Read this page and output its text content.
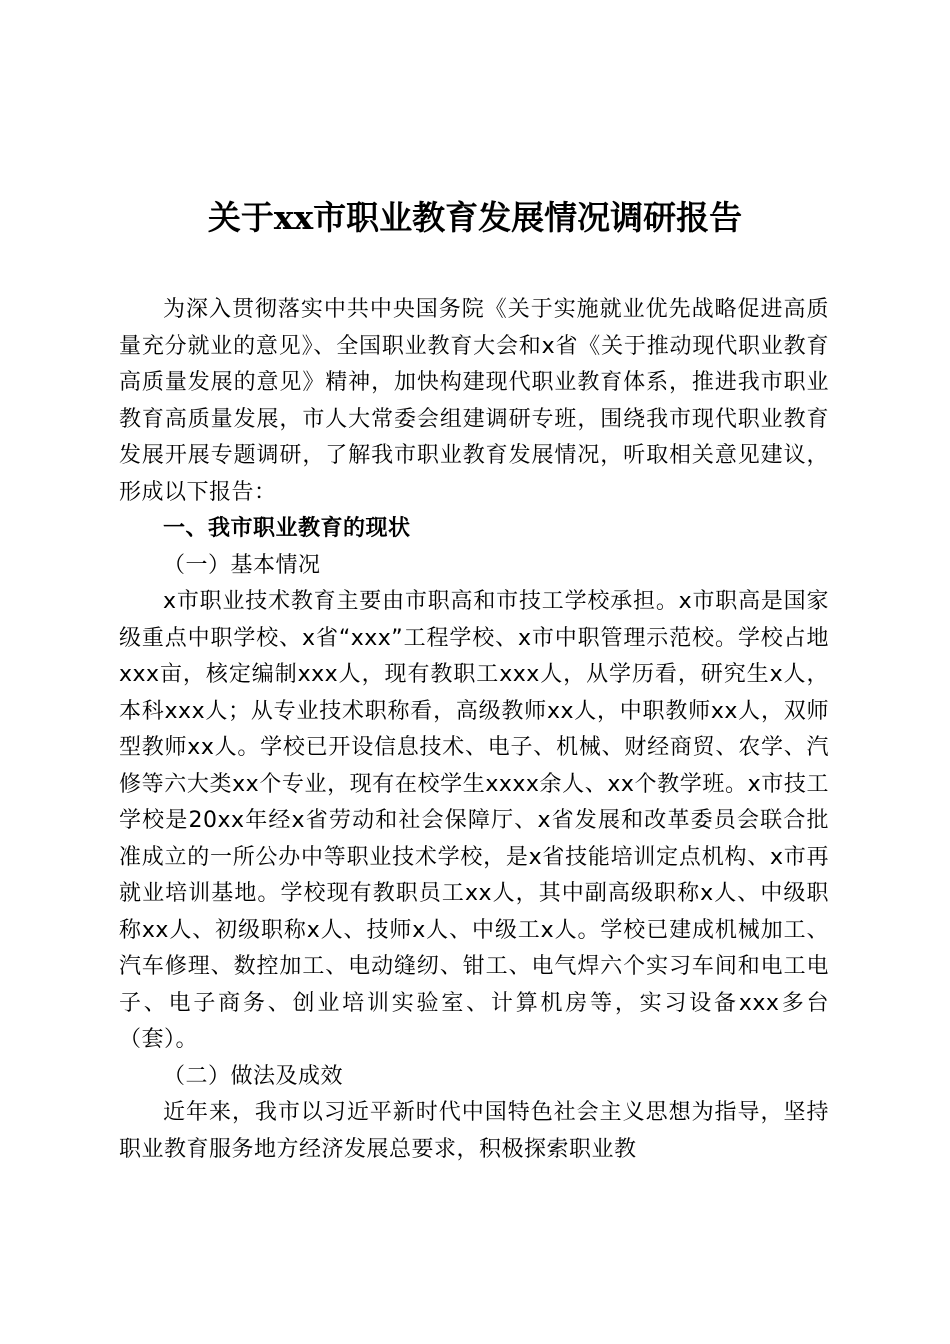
关于xx市职业教育发展情况调研报告

为深入贯彻落实中共中央国务院《关于实施就业优先战略促进高质量充分就业的意见》、全国职业教育大会和x省《关于推动现代职业教育高质量发展的意见》精神，加快构建现代职业教育体系，推进我市职业教育高质量发展，市人大常委会组建调研专班，围绕我市现代职业教育发展开展专题调研，了解我市职业教育发展情况，听取相关意见建议，形成以下报告：

一、我市职业教育的现状

（一）基本情况

x市职业技术教育主要由市职高和市技工学校承担。x市职高是国家级重点中职学校、x省“xxx”工程学校、x市中职管理示范校。学校占地xxx亩，核定编制xxx人，现有教职工xxx人，从学历看，研究生x人，本科xxx人；从专业技术职称看，高级教师xx人，中职教师xx人，双师型教师xx人。学校已开设信息技术、电子、机械、财经商贸、农学、汽修等六大类xx个专业，现有在校学生xxxx余人、xx个教学班。x市技工学校是20xx年经x省劳动和社会保障厅、x省发展和改革委员会联合批准成立的一所公办中等职业技术学校，是x省技能培训定点机构、x市再就业培训基地。学校现有教职员工xx人，其中副高级职称x人、中级职称xx人、初级职称x人、技师x人、中级工x人。学校已建成机械加工、汽车修理、数控加工、电动缝纫、钳工、电气焊六个实习车间和电工电子、电子商务、创业培训实验室、计算机房等，实习设备xxx多台（套）。

（二）做法及成效

近年来，我市以习近平新时代中国特色社会主义思想为指导，坚持职业教育服务地方经济发展总要求，积极探索职业教
